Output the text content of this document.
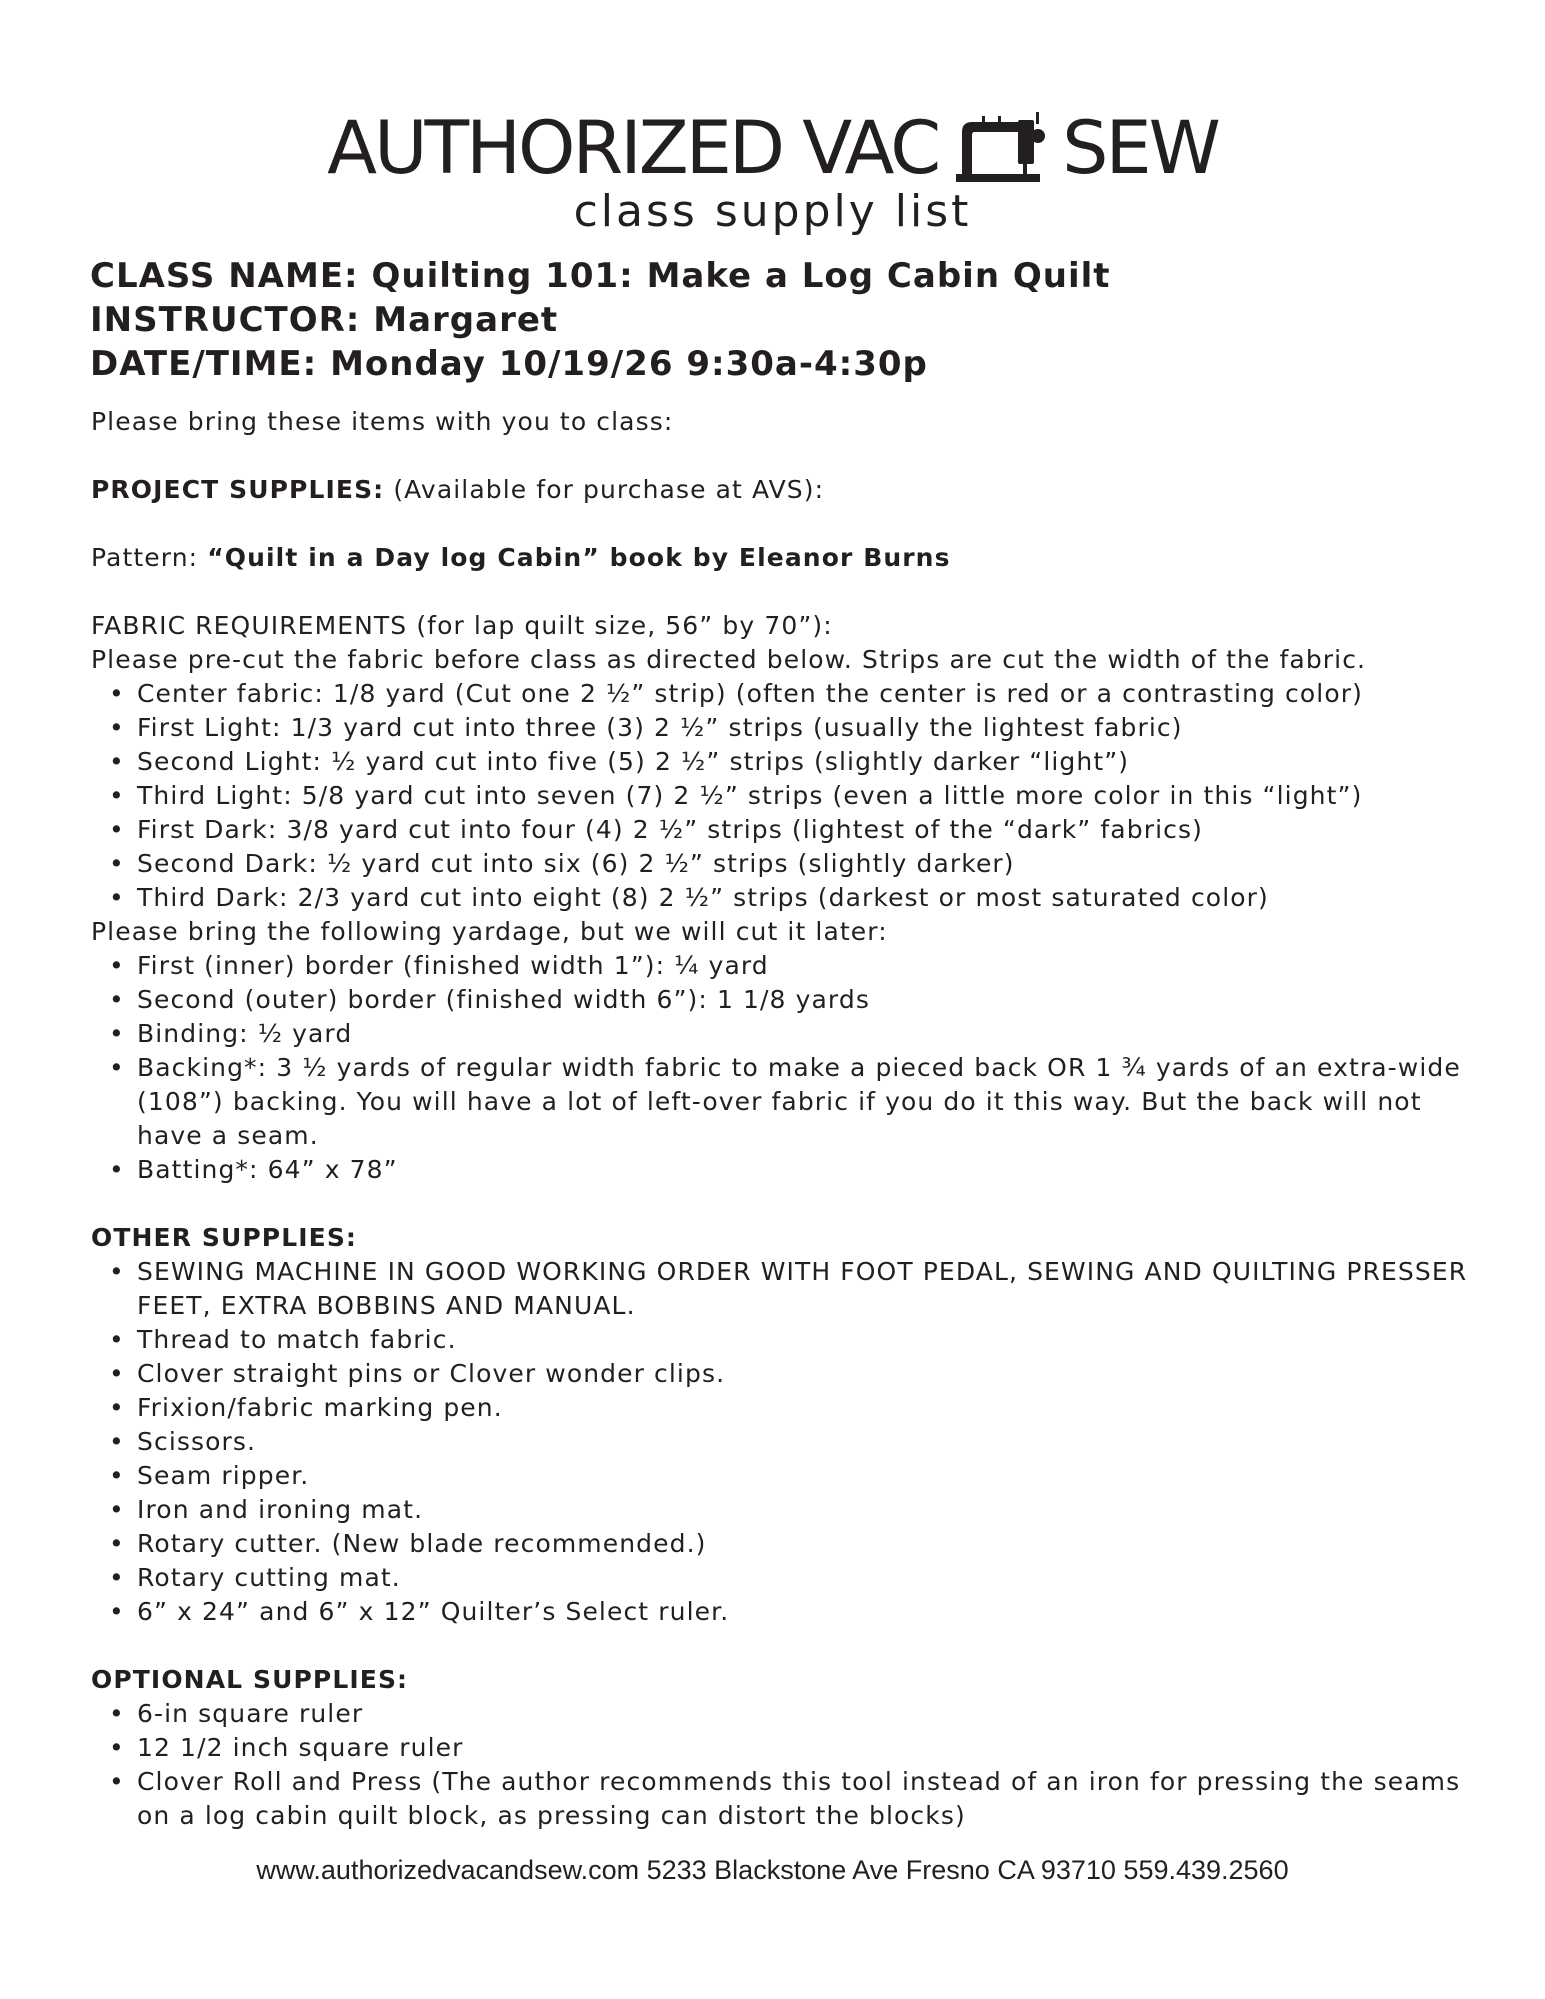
AUTHORIZED VAC SEW
class supply list
CLASS NAME: Quilting 101: Make a Log Cabin Quilt
INSTRUCTOR: Margaret
DATE/TIME: Monday 10/19/26 9:30a-4:30p

Please bring these items with you to class:

PROJECT SUPPLIES: (Available for purchase at AVS):

Pattern: “Quilt in a Day log Cabin” book by Eleanor Burns

FABRIC REQUIREMENTS (for lap quilt size, 56” by 70”):

Please pre-cut the fabric before class as directed below. Strips are cut the width of the fabric.

• Center fabric: 1/8 yard (Cut one 2 ½” strip) (often the center is red or a contrasting color)
• First Light: 1/3 yard cut into three (3) 2 ½” strips (usually the lightest fabric)
• Second Light: ½ yard cut into five (5) 2 ½” strips (slightly darker “light”)
• Third Light: 5/8 yard cut into seven (7) 2 ½” strips (even a little more color in this “light”)
• First Dark: 3/8 yard cut into four (4) 2 ½” strips (lightest of the “dark” fabrics)
• Second Dark: ½ yard cut into six (6) 2 ½” strips (slightly darker)
• Third Dark: 2/3 yard cut into eight (8) 2 ½” strips (darkest or most saturated color)

Please bring the following yardage, but we will cut it later:

• First (inner) border (finished width 1”): ¼ yard
• Second (outer) border (finished width 6”): 1 1/8 yards
• Binding: ½ yard
• Backing*: 3 ½ yards of regular width fabric to make a pieced back OR 1 ¾ yards of an extra-wide (108”) backing. You will have a lot of left-over fabric if you do it this way. But the back will not have a seam.
• Batting*: 64” x 78”

OTHER SUPPLIES:

• SEWING MACHINE IN GOOD WORKING ORDER WITH FOOT PEDAL, SEWING AND QUILTING PRESSER FEET, EXTRA BOBBINS AND MANUAL.
• Thread to match fabric.
• Clover straight pins or Clover wonder clips.
• Frixion/fabric marking pen.
• Scissors.
• Seam ripper.
• Iron and ironing mat.
• Rotary cutter. (New blade recommended.)
• Rotary cutting mat.
• 6” x 24” and 6” x 12” Quilter’s Select ruler.

OPTIONAL SUPPLIES:

• 6-in square ruler
• 12 1/2 inch square ruler
• Clover Roll and Press (The author recommends this tool instead of an iron for pressing the seams on a log cabin quilt block, as pressing can distort the blocks)
www.authorizedvacandsew.com 5233 Blackstone Ave Fresno CA 93710 559.439.2560
